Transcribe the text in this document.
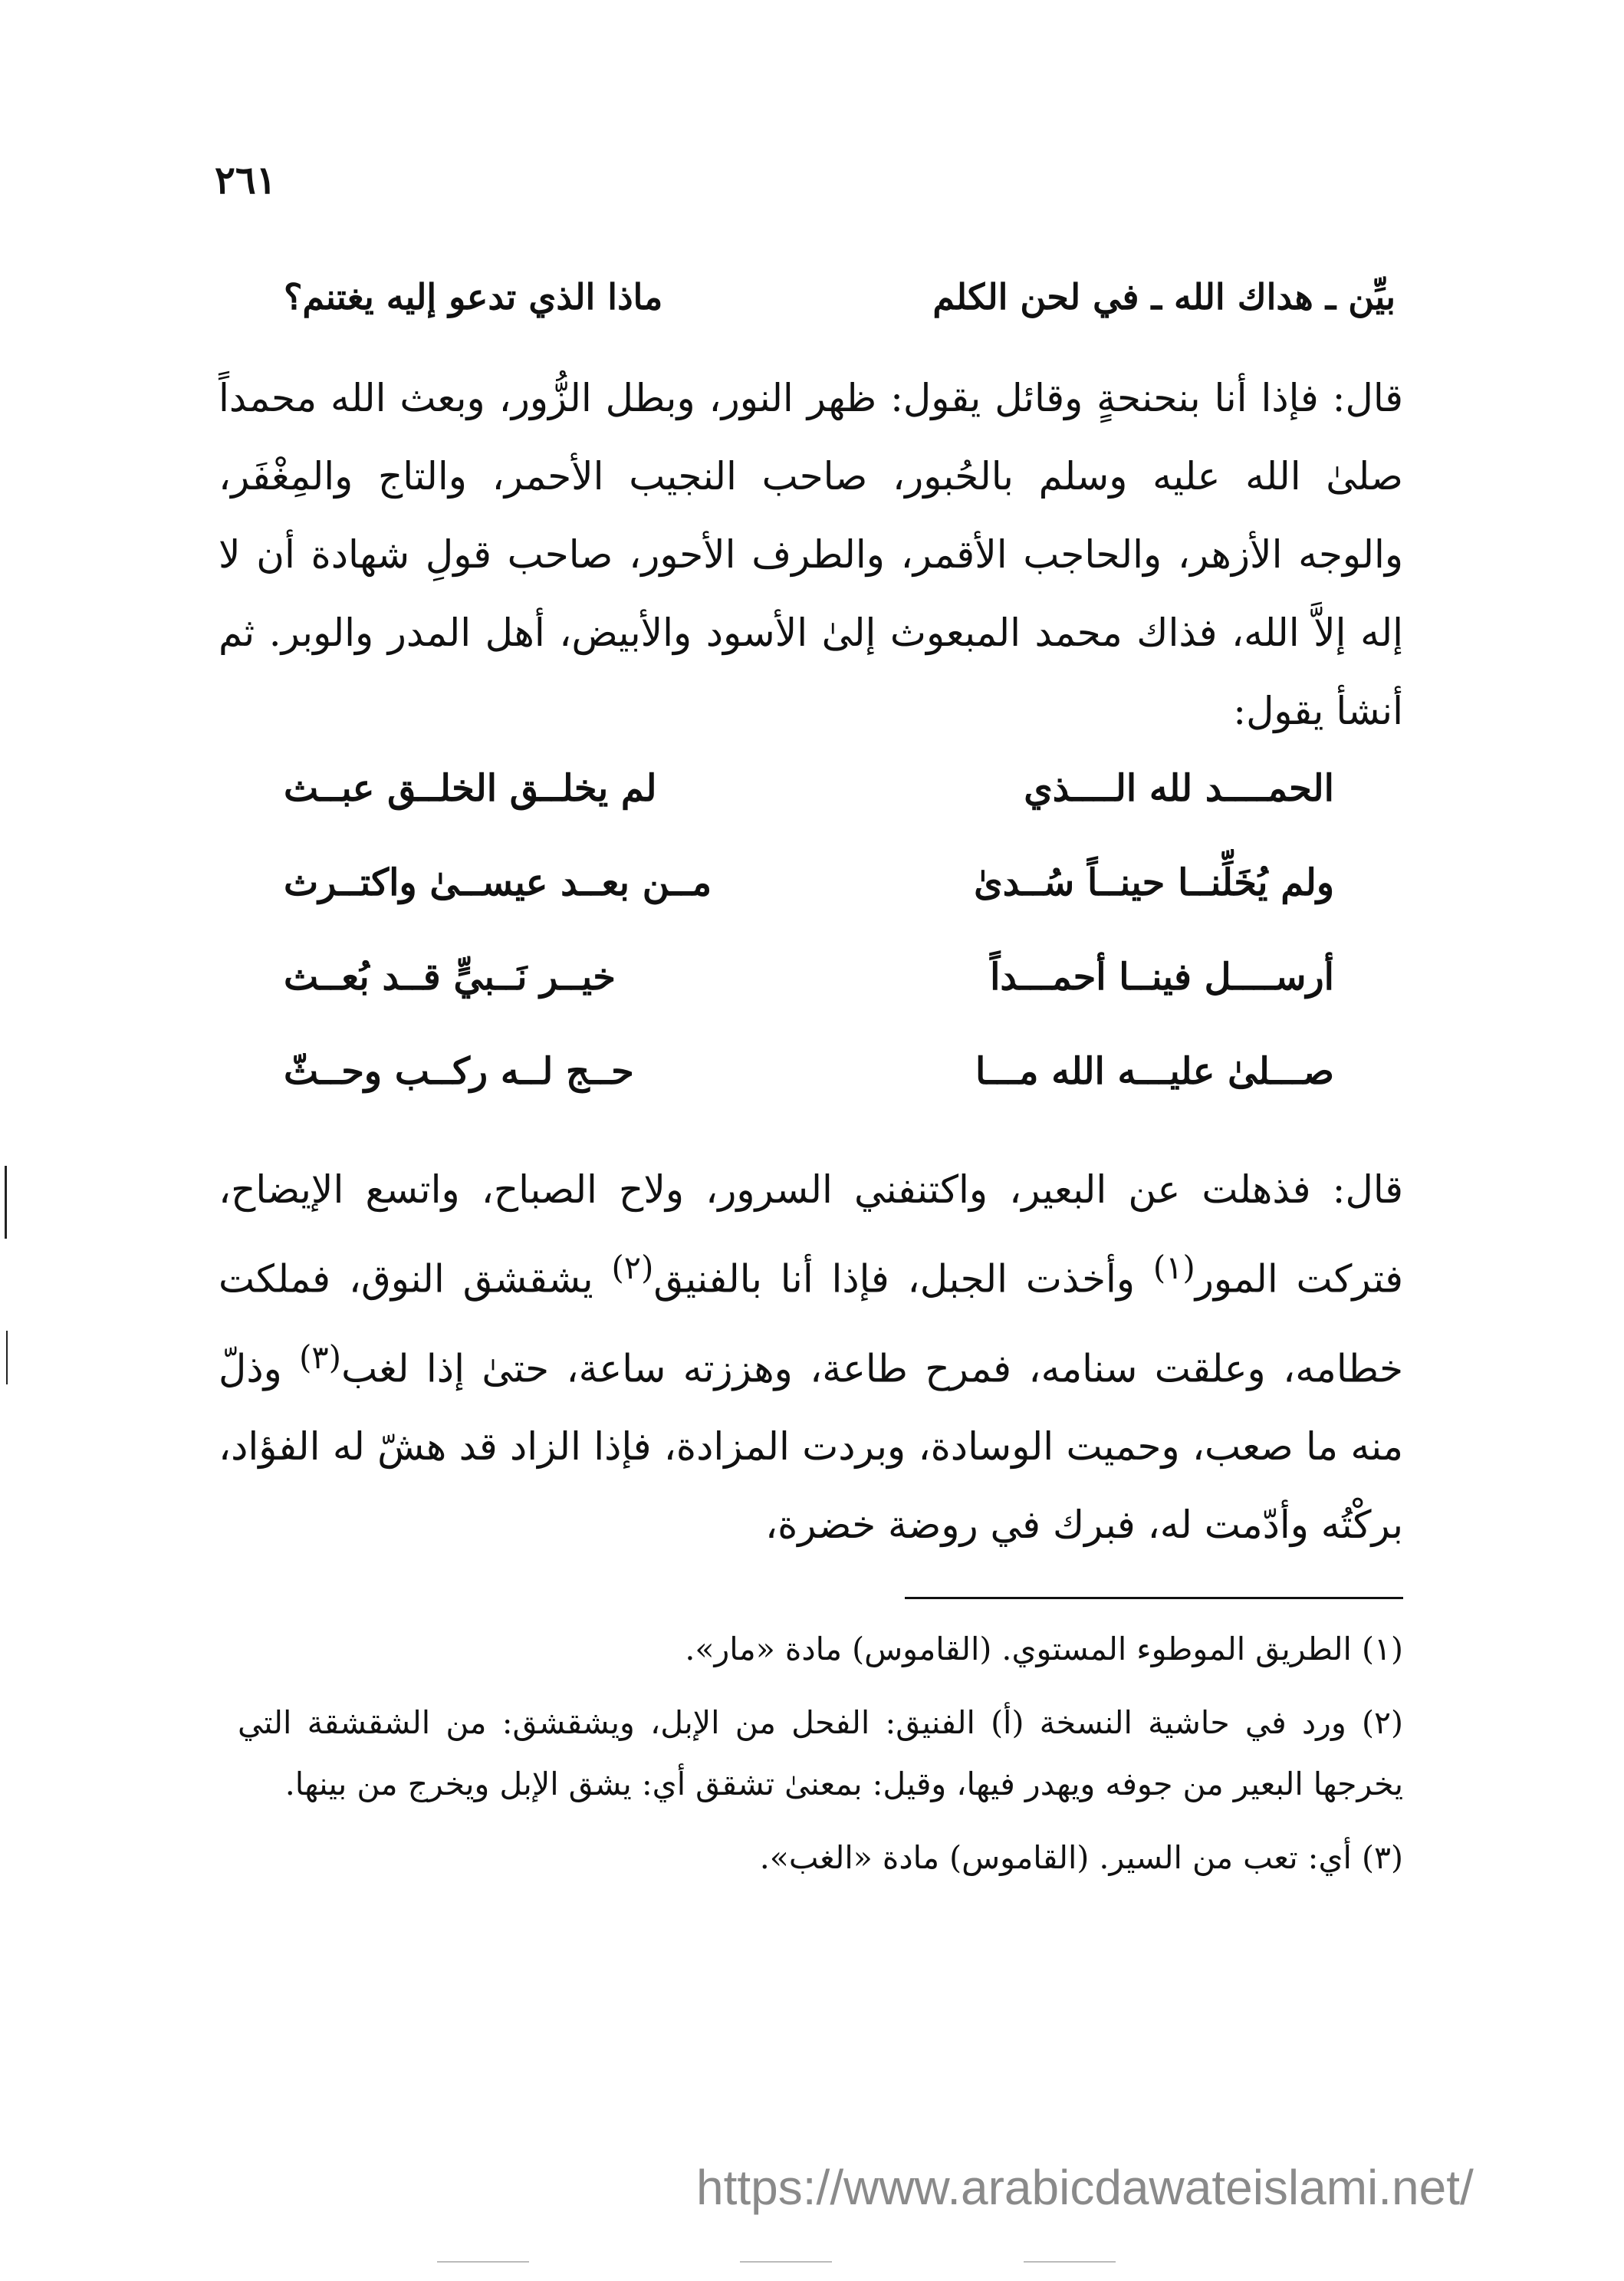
٢٦١
بيِّن ـ هداك الله ـ في لحن الكلم
ماذا الذي تدعو إليه يغتنم؟

قال: فإذا أنا بنحنحةٍ وقائل يقول: ظهر النور، وبطل الزُّور، وبعث الله محمداً صلىٰ الله عليه وسلم بالحُبور، صاحب النجيب الأحمر، والتاج والمِغْفَر، والوجه الأزهر، والحاجب الأقمر، والطرف الأحور، صاحب قولِ شهادة أن لا إله إلاَّ الله، فذاك محمد المبعوث إلىٰ الأسود والأبيض، أهل المدر والوبر. ثم أنشأ يقول:

الحمــــد لله الــــذي
لم يخلــق الخلــق عبــث
ولم يُخَلِّنــا حينــاً سُــدىٰ
مــن بعــد عيســىٰ واكتــرث
أرســــل فينــا أحمـــداً
خيــر نَــبيٍّ قــد بُعــث
صـــلىٰ عليـــه الله مـــا
حــج لــه ركــب وحــثّ

قال: فذهلت عن البعير، واكتنفني السرور، ولاح الصباح، واتسع الإيضاح، فتركت المور$^{(١)}$ وأخذت الجبل، فإذا أنا بالفنيق$^{(٢)}$ يشقشق النوق، فملكت خطامه، وعلقت سنامه، فمرح طاعة، وهززته ساعة، حتىٰ إذا لغب$^{(٣)}$ وذلّ منه ما صعب، وحميت الوسادة، وبردت المزادة، فإذا الزاد قد هشّ له الفؤاد، بركْتُه وأدّمت له، فبرك في روضة خضرة،

(١) الطريق الموطوء المستوي. (القاموس) مادة «مار».

(٢) ورد في حاشية النسخة (أ) الفنيق: الفحل من الإبل، ويشقشق: من الشقشقة التي يخرجها البعير من جوفه ويهدر فيها، وقيل: بمعنىٰ تشقق أي: يشق الإبل ويخرج من بينها.

(٣) أي: تعب من السير. (القاموس) مادة «الغب».

https://www.arabicdawateislami.net/
